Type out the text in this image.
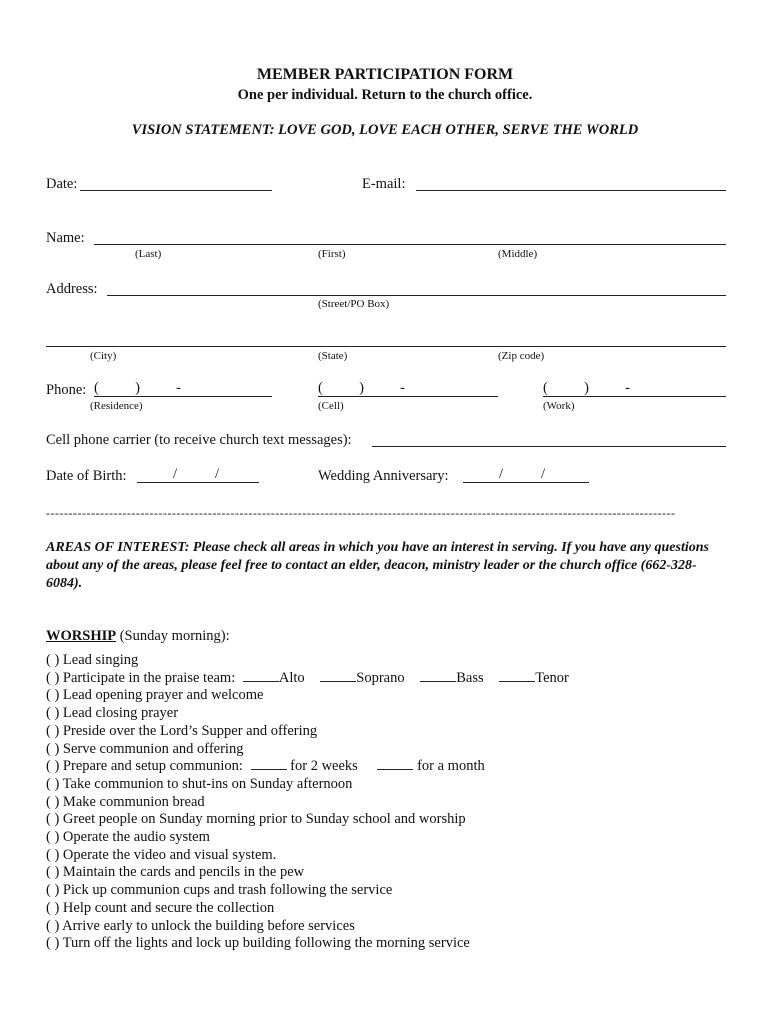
MEMBER PARTICIPATION FORM
One per individual. Return to the church office.
VISION STATEMENT: LOVE GOD, LOVE EACH OTHER, SERVE THE WORLD
Date:	E-mail:
Name:
(Last)	(First)	(Middle)
Address:
(Street/PO Box)
(City)	(State)	(Zip code)
Phone: (          )          -	(          )          -	(          )          -
(Residence)	(Cell)	(Work)
Cell phone carrier (to receive church text messages):
Date of Birth:	/	/	Wedding Anniversary:	/	/
--------------------------------------------------------------------------------------------------------------------------------------------
AREAS OF INTEREST: Please check all areas in which you have an interest in serving. If you have any questions about any of the areas, please feel free to contact an elder, deacon, ministry leader or the church office (662-328-6084).
WORSHIP (Sunday morning):
( ) Lead singing
( ) Participate in the praise team:	Alto	Soprano	Bass	Tenor
( ) Lead opening prayer and welcome
( ) Lead closing prayer
( ) Preside over the Lord’s Supper and offering
( ) Serve communion and offering
( ) Prepare and setup communion:	for 2 weeks	for a month
( ) Take communion to shut-ins on Sunday afternoon
( ) Make communion bread
( ) Greet people on Sunday morning prior to Sunday school and worship
( ) Operate the audio system
( ) Operate the video and visual system.
( ) Maintain the cards and pencils in the pew
( ) Pick up communion cups and trash following the service
( ) Help count and secure the collection
( ) Arrive early to unlock the building before services
( ) Turn off the lights and lock up building following the morning service
